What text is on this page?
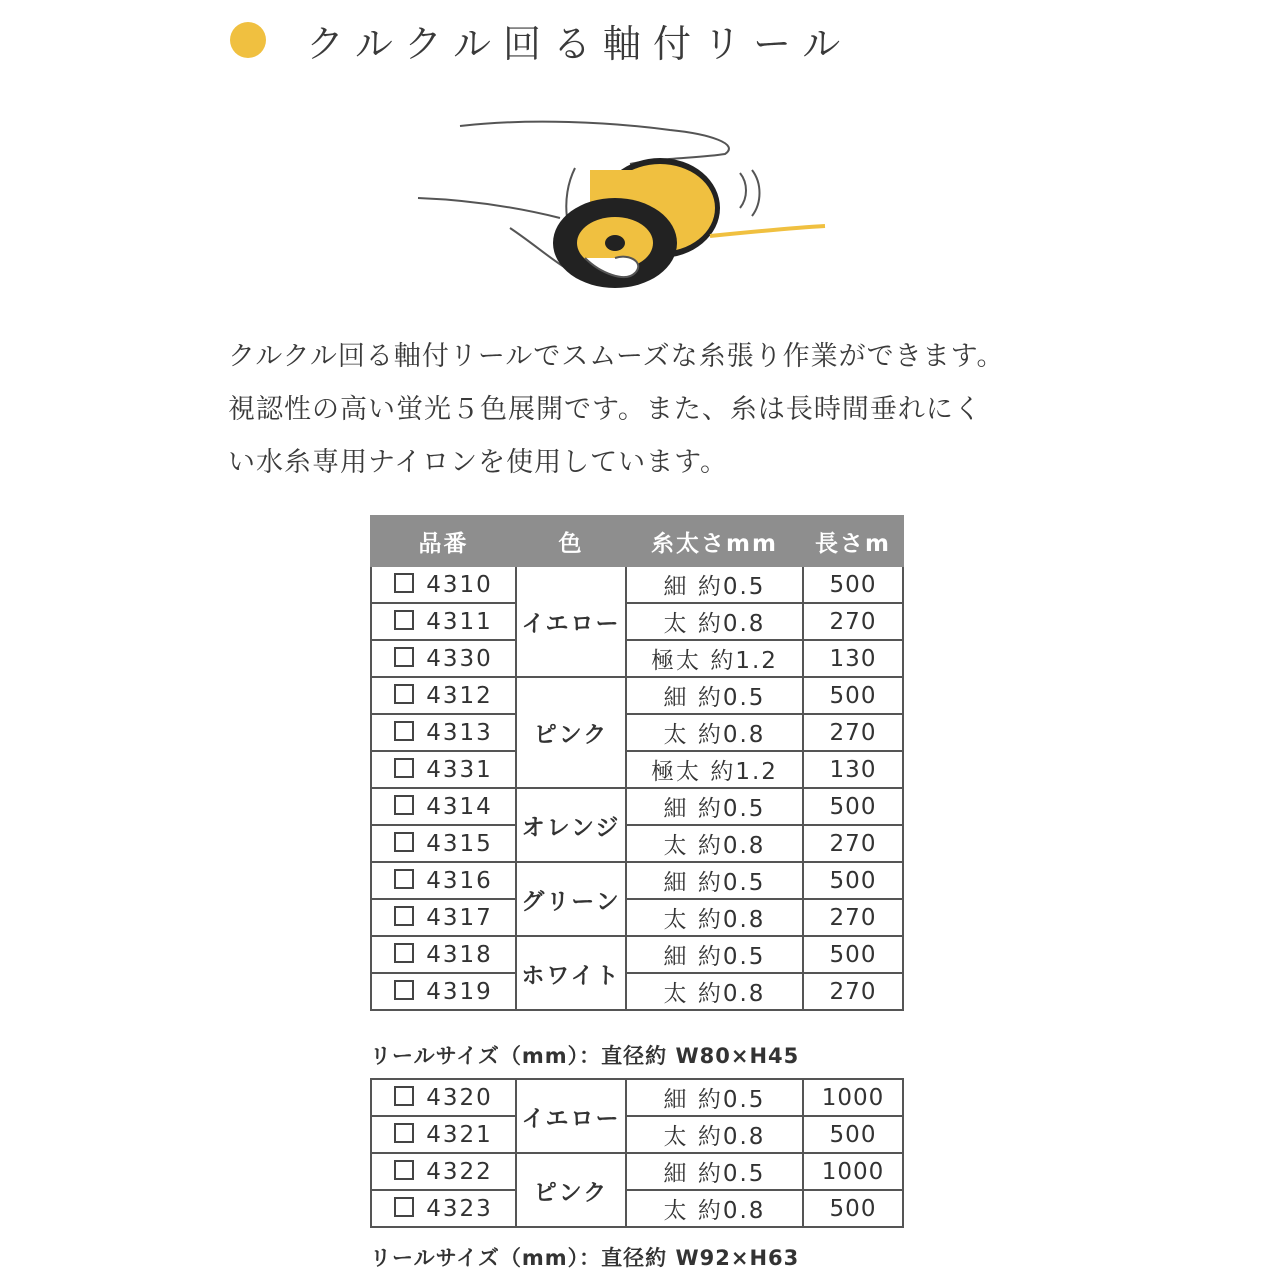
クルクル回る軸付リール

クルクル回る軸付リールでスムーズな糸張り作業ができます。

視認性の高い蛍光５色展開です。また、糸は長時間垂れにく

い水糸専用ナイロンを使用しています。

品番	色	糸太さmm	長さm
4310	イエロー	細 約0.5	500
4311		太 約0.8	270
4330		極太 約1.2	130
4312	ピンク	細 約0.5	500
4313		太 約0.8	270
4331		極太 約1.2	130
4314	オレンジ	細 約0.5	500
4315		太 約0.8	270
4316	グリーン	細 約0.5	500
4317		太 約0.8	270
4318	ホワイト	細 約0.5	500
4319		太 約0.8	270
リールサイズ（mm）：直径約 W80×H45
4320	イエロー	細 約0.5	1000
4321		太 約0.8	500
4322	ピンク	細 約0.5	1000
4323		太 約0.8	500
リールサイズ（mm）：直径約 W92×H63
